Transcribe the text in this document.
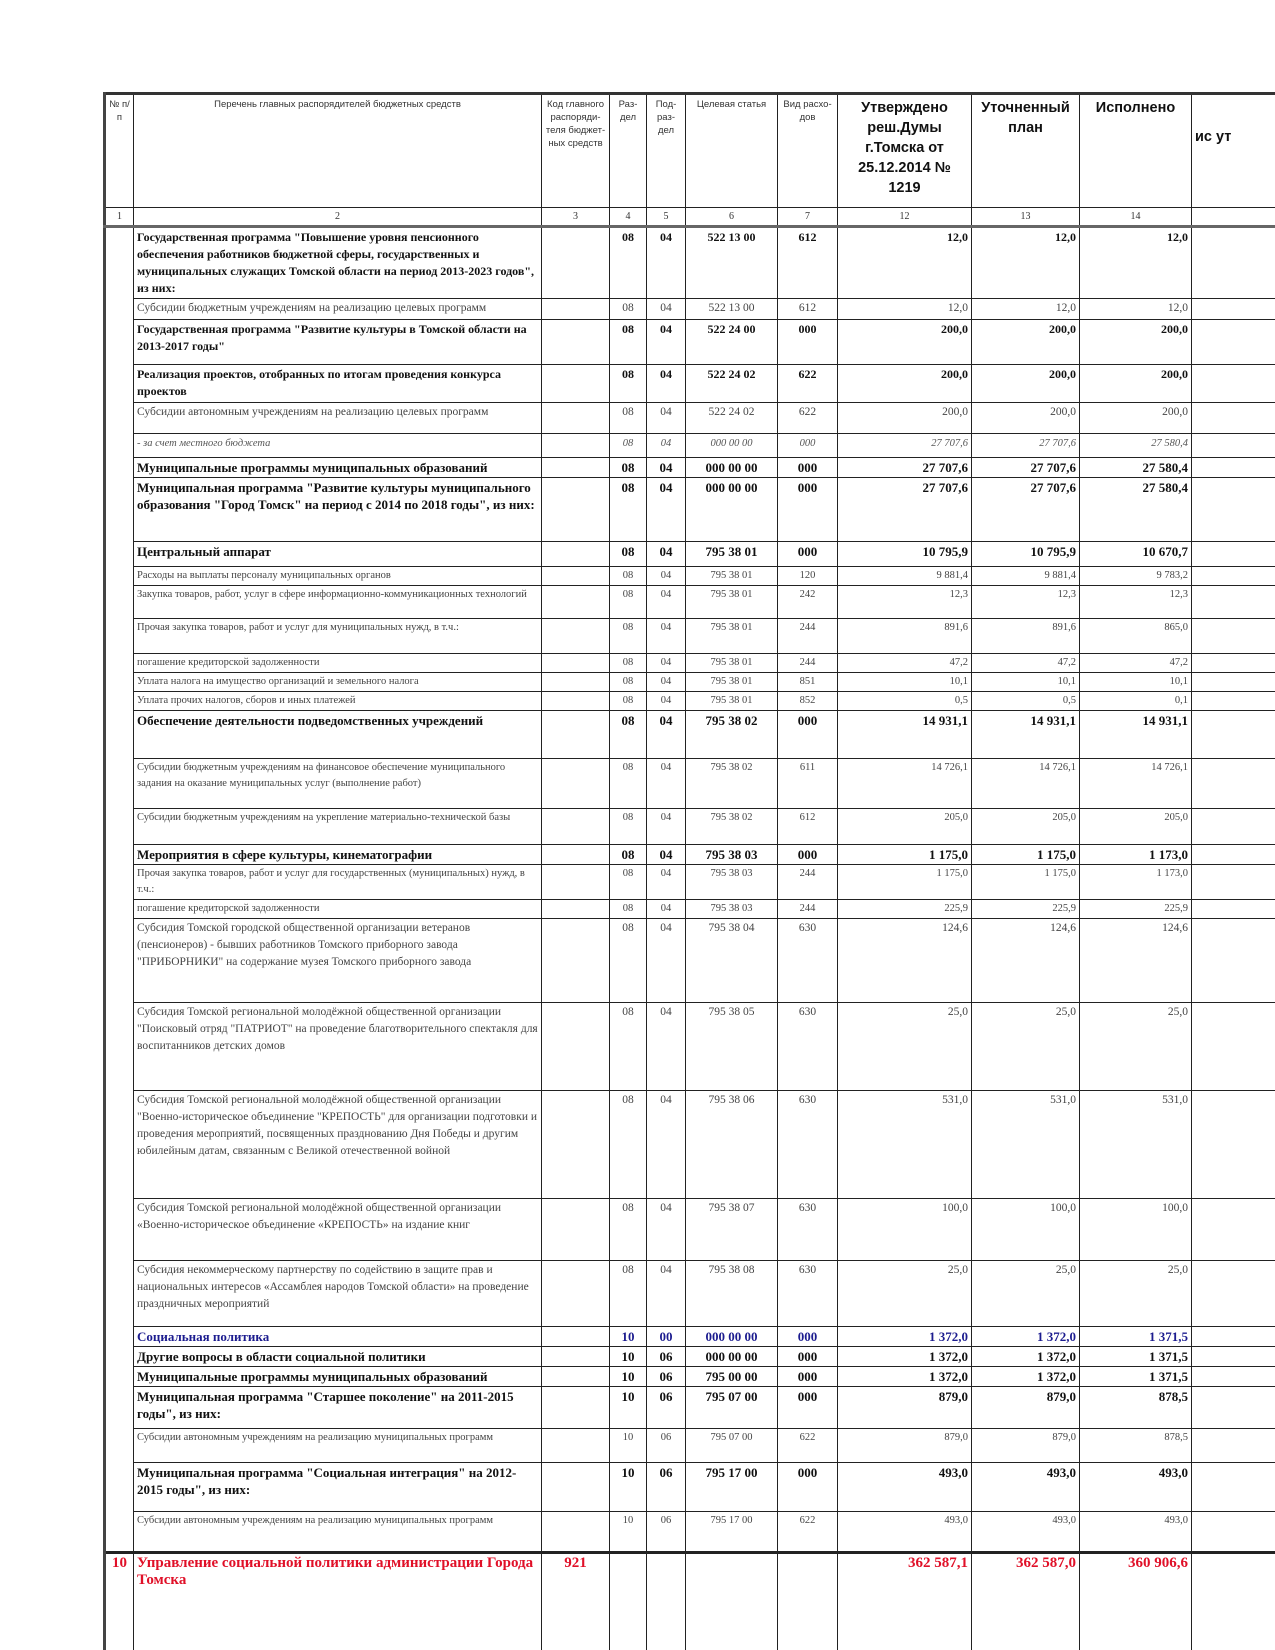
№ п/п	Перечень главных распорядителей бюджетных средств	Код главного распоряди-теля бюджет-ных средств	Раз-дел	Под-раз-дел	Целевая статья	Вид расхо-дов	Утверждено реш.Думы г.Томска от 25.12.2014 № 1219	Уточненный план	Исполнено	ис ут
1	2	3	4	5	6	7	12	13	14	
	Государственная программа "Повышение уровня пенсионного обеспечения работников бюджетной сферы, государственных и муниципальных служащих Томской области на период 2013-2023 годов", из них:		08	04	522 13 00	612	12,0	12,0	12,0	
	Субсидии бюджетным учреждениям на реализацию целевых программ		08	04	522 13 00	612	12,0	12,0	12,0	
	Государственная программа "Развитие культуры в Томской области на 2013-2017 годы"		08	04	522 24 00	000	200,0	200,0	200,0	
	Реализация проектов, отобранных по итогам проведения конкурса проектов		08	04	522 24 02	622	200,0	200,0	200,0	
	Субсидии автономным учреждениям на реализацию целевых программ		08	04	522 24 02	622	200,0	200,0	200,0	
	- за счет местного бюджета		08	04	000 00 00	000	27 707,6	27 707,6	27 580,4	
	Муниципальные программы муниципальных образований		08	04	000 00 00	000	27 707,6	27 707,6	27 580,4	
	Муниципальная программа "Развитие культуры муниципального образования "Город Томск" на период с 2014 по 2018 годы", из них:		08	04	000 00 00	000	27 707,6	27 707,6	27 580,4	
	Центральный аппарат		08	04	795 38 01	000	10 795,9	10 795,9	10 670,7	
	Расходы на выплаты персоналу муниципальных органов		08	04	795 38 01	120	9 881,4	9 881,4	9 783,2	
	Закупка товаров, работ, услуг в сфере информационно-коммуникационных технологий		08	04	795 38 01	242	12,3	12,3	12,3	
	Прочая закупка товаров, работ и услуг для муниципальных нужд, в т.ч.:		08	04	795 38 01	244	891,6	891,6	865,0	
	погашение кредиторской задолженности		08	04	795 38 01	244	47,2	47,2	47,2	
	Уплата налога на имущество организаций и земельного налога		08	04	795 38 01	851	10,1	10,1	10,1	
	Уплата прочих налогов, сборов и иных платежей		08	04	795 38 01	852	0,5	0,5	0,1	
	Обеспечение деятельности подведомственных учреждений		08	04	795 38 02	000	14 931,1	14 931,1	14 931,1	
	Субсидии бюджетным учреждениям на финансовое обеспечение муниципального задания на оказание муниципальных услуг (выполнение работ)		08	04	795 38 02	611	14 726,1	14 726,1	14 726,1	
	Субсидии бюджетным учреждениям на укрепление материально-технической базы		08	04	795 38 02	612	205,0	205,0	205,0	
	Мероприятия в сфере культуры, кинематографии		08	04	795 38 03	000	1 175,0	1 175,0	1 173,0	
	Прочая закупка товаров, работ и услуг для государственных (муниципальных) нужд, в т.ч.:		08	04	795 38 03	244	1 175,0	1 175,0	1 173,0	
	погашение кредиторской задолженности		08	04	795 38 03	244	225,9	225,9	225,9	
	Субсидия Томской городской общественной организации ветеранов (пенсионеров) - бывших работников Томского приборного завода "ПРИБОРНИКИ" на содержание музея Томского приборного завода		08	04	795 38 04	630	124,6	124,6	124,6	
	Субсидия Томской региональной молодёжной общественной организации "Поисковый отряд "ПАТРИОТ" на проведение благотворительного спектакля для воспитанников детских домов		08	04	795 38 05	630	25,0	25,0	25,0	
	Субсидия Томской региональной молодёжной общественной организации "Военно-историческое объединение "КРЕПОСТЬ" для организации подготовки и проведения мероприятий, посвященных празднованию Дня Победы и другим юбилейным датам, связанным с Великой отечественной войной		08	04	795 38 06	630	531,0	531,0	531,0	
	Субсидия Томской региональной молодёжной общественной организации «Военно-историческое объединение «КРЕПОСТЬ» на издание книг		08	04	795 38 07	630	100,0	100,0	100,0	
	Субсидия некоммерческому партнерству по содействию в защите прав и национальных интересов «Ассамблея народов Томской области» на проведение праздничных мероприятий		08	04	795 38 08	630	25,0	25,0	25,0	
	Социальная политика		10	00	000 00 00	000	1 372,0	1 372,0	1 371,5	
	Другие вопросы в области социальной политики		10	06	000 00 00	000	1 372,0	1 372,0	1 371,5	
	Муниципальные программы муниципальных образований		10	06	795 00 00	000	1 372,0	1 372,0	1 371,5	
	Муниципальная программа "Старшее поколение" на 2011-2015 годы", из них:		10	06	795 07 00	000	879,0	879,0	878,5	
	Субсидии автономным учреждениям на реализацию муниципальных программ		10	06	795 07 00	622	879,0	879,0	878,5	
	Муниципальная программа "Социальная интеграция" на 2012-2015 годы", из них:		10	06	795 17 00	000	493,0	493,0	493,0	
	Субсидии автономным учреждениям на реализацию муниципальных программ		10	06	795 17 00	622	493,0	493,0	493,0	
10	Управление социальной политики администрации Города Томска	921					362 587,1	362 587,0	360 906,6	
